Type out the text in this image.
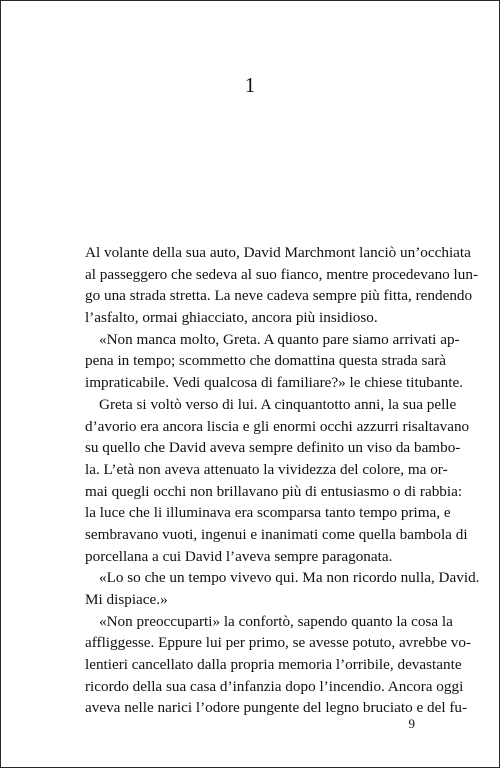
1
Al volante della sua auto, David Marchmont lanciò un’occhiata
al passeggero che sedeva al suo fianco, mentre procedevano lun-
go una strada stretta. La neve cadeva sempre più fitta, rendendo
l’asfalto, ormai ghiacciato, ancora più insidioso.
«Non manca molto, Greta. A quanto pare siamo arrivati ap-
pena in tempo; scommetto che domattina questa strada sarà
impraticabile. Vedi qualcosa di familiare?» le chiese titubante.
Greta si voltò verso di lui. A cinquantotto anni, la sua pelle
d’avorio era ancora liscia e gli enormi occhi azzurri risaltavano
su quello che David aveva sempre definito un viso da bambo-
la. L’età non aveva attenuato la vividezza del colore, ma or-
mai quegli occhi non brillavano più di entusiasmo o di rabbia:
la luce che li illuminava era scomparsa tanto tempo prima, e
sembravano vuoti, ingenui e inanimati come quella bambola di
porcellana a cui David l’aveva sempre paragonata.
«Lo so che un tempo vivevo qui. Ma non ricordo nulla, David.
Mi dispiace.»
«Non preoccuparti» la confortò, sapendo quanto la cosa la
affliggesse. Eppure lui per primo, se avesse potuto, avrebbe vo-
lentieri cancellato dalla propria memoria l’orribile, devastante
ricordo della sua casa d’infanzia dopo l’incendio. Ancora oggi
aveva nelle narici l’odore pungente del legno bruciato e del fu-
9
